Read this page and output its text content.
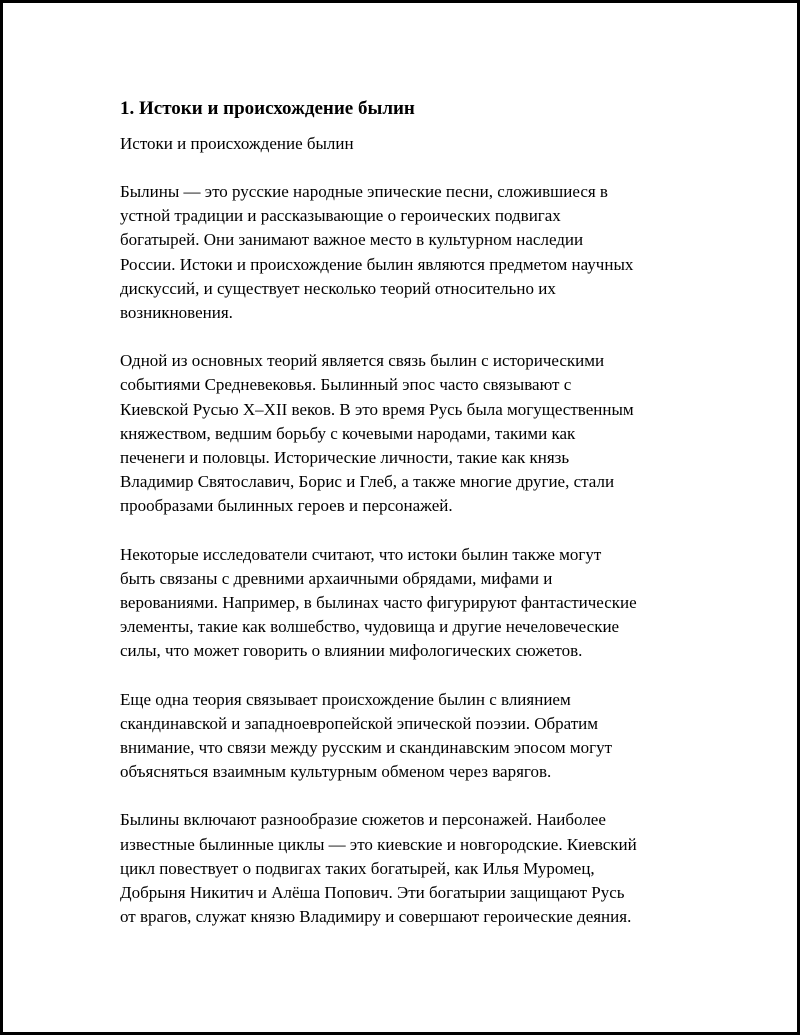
1. Истоки и происхождение былин
Истоки и происхождение былин
Былины — это русские народные эпические песни, сложившиеся в
устной традиции и рассказывающие о героических подвигах
богатырей. Они занимают важное место в культурном наследии
России. Истоки и происхождение былин являются предметом научных
дискуссий, и существует несколько теорий относительно их
возникновения.
Одной из основных теорий является связь былин с историческими
событиями Средневековья. Былинный эпос часто связывают с
Киевской Русью X–XII веков. В это время Русь была могущественным
княжеством, ведшим борьбу с кочевыми народами, такими как
печенеги и половцы. Исторические личности, такие как князь
Владимир Святославич, Борис и Глеб, а также многие другие, стали
прообразами былинных героев и персонажей.
Некоторые исследователи считают, что истоки былин также могут
быть связаны с древними архаичными обрядами, мифами и
верованиями. Например, в былинах часто фигурируют фантастические
элементы, такие как волшебство, чудовища и другие нечеловеческие
силы, что может говорить о влиянии мифологических сюжетов.
Еще одна теория связывает происхождение былин с влиянием
скандинавской и западноевропейской эпической поэзии. Обратим
внимание, что связи между русским и скандинавским эпосом могут
объясняться взаимным культурным обменом через варягов.
Былины включают разнообразие сюжетов и персонажей. Наиболее
известные былинные циклы — это киевские и новгородские. Киевский
цикл повествует о подвигах таких богатырей, как Илья Муромец,
Добрыня Никитич и Алёша Попович. Эти богатырии защищают Русь
от врагов, служат князю Владимиру и совершают героические деяния.
